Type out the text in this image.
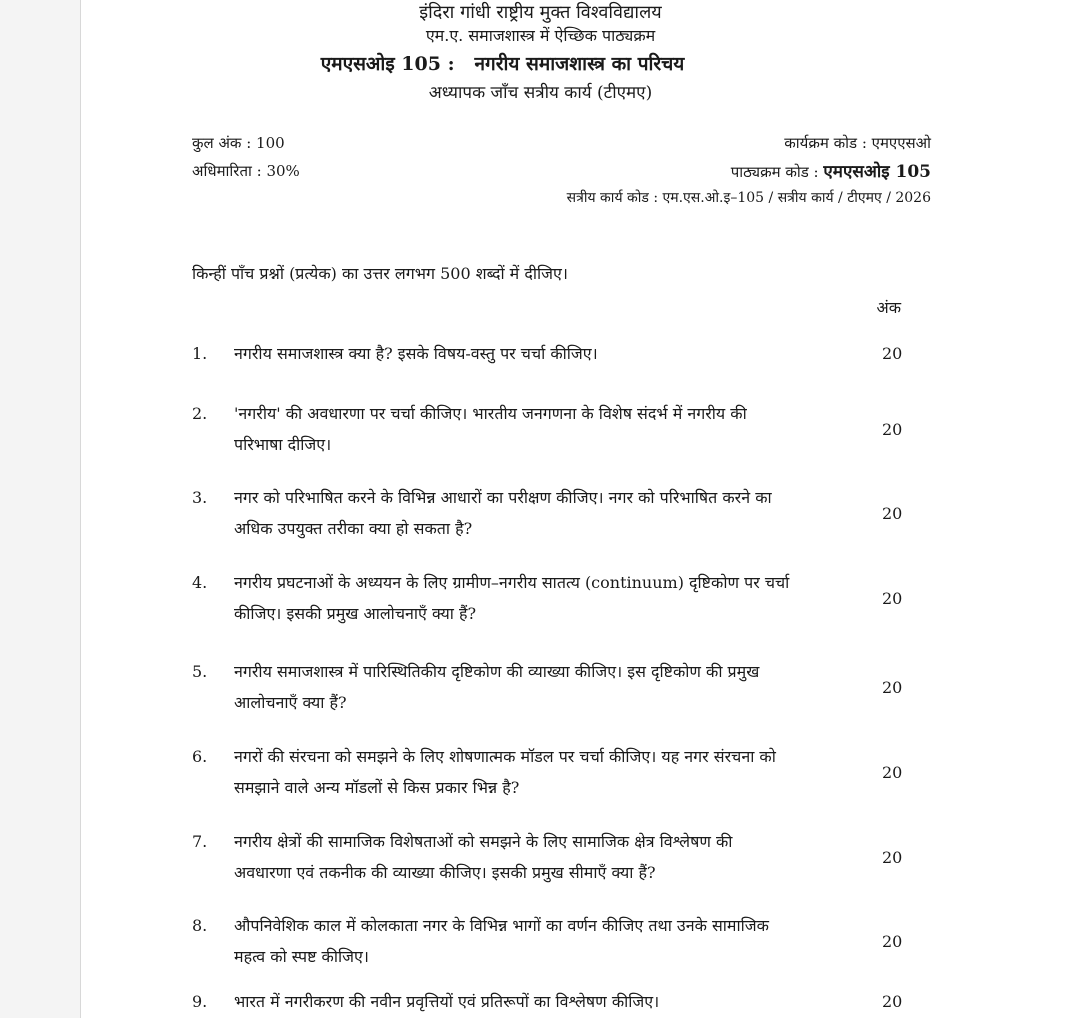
इंदिरा गांधी राष्ट्रीय मुक्त विश्वविद्यालय
एम.ए. समाजशास्त्र में ऐच्छिक पाठ्यक्रम
एमएसओइ 105 : नगरीय समाजशास्त्र का परिचय
अध्यापक जाँच सत्रीय कार्य (टीएमए)
कुल अंक : 100
अधिमारिता : 30%
कार्यक्रम कोड : एमएएसओ
पाठ्यक्रम कोड : एमएसओइ 105
सत्रीय कार्य कोड : एम.एस.ओ.इ–105 / सत्रीय कार्य / टीएमए / 2026
किन्हीं पाँच प्रश्नों (प्रत्येक) का उत्तर लगभग 500 शब्दों में दीजिए।
अंक
1. नगरीय समाजशास्त्र क्या है? इसके विषय-वस्तु पर चर्चा कीजिए।	20
2. 'नगरीय' की अवधारणा पर चर्चा कीजिए। भारतीय जनगणना के विशेष संदर्भ में नगरीय की परिभाषा दीजिए।
20
3. नगर को परिभाषित करने के विभिन्न आधारों का परीक्षण कीजिए। नगर को परिभाषित करने का अधिक उपयुक्त तरीका क्या हो सकता है?
20
4. नगरीय प्रघटनाओं के अध्ययन के लिए ग्रामीण–नगरीय सातत्य (continuum) दृष्टिकोण पर चर्चा कीजिए। इसकी प्रमुख आलोचनाएँ क्या हैं?
20
5. नगरीय समाजशास्त्र में पारिस्थितिकीय दृष्टिकोण की व्याख्या कीजिए। इस दृष्टिकोण की प्रमुख आलोचनाएँ क्या हैं?
20
6. नगरों की संरचना को समझने के लिए शोषणात्मक मॉडल पर चर्चा कीजिए। यह नगर संरचना को समझाने वाले अन्य मॉडलों से किस प्रकार भिन्न है?
20
7. नगरीय क्षेत्रों की सामाजिक विशेषताओं को समझने के लिए सामाजिक क्षेत्र विश्लेषण की अवधारणा एवं तकनीक की व्याख्या कीजिए। इसकी प्रमुख सीमाएँ क्या हैं?
20
8. औपनिवेशिक काल में कोलकाता नगर के विभिन्न भागों का वर्णन कीजिए तथा उनके सामाजिक महत्व को स्पष्ट कीजिए।
20
9. भारत में नगरीकरण की नवीन प्रवृत्तियों एवं प्रतिरूपों का विश्लेषण कीजिए।	20
